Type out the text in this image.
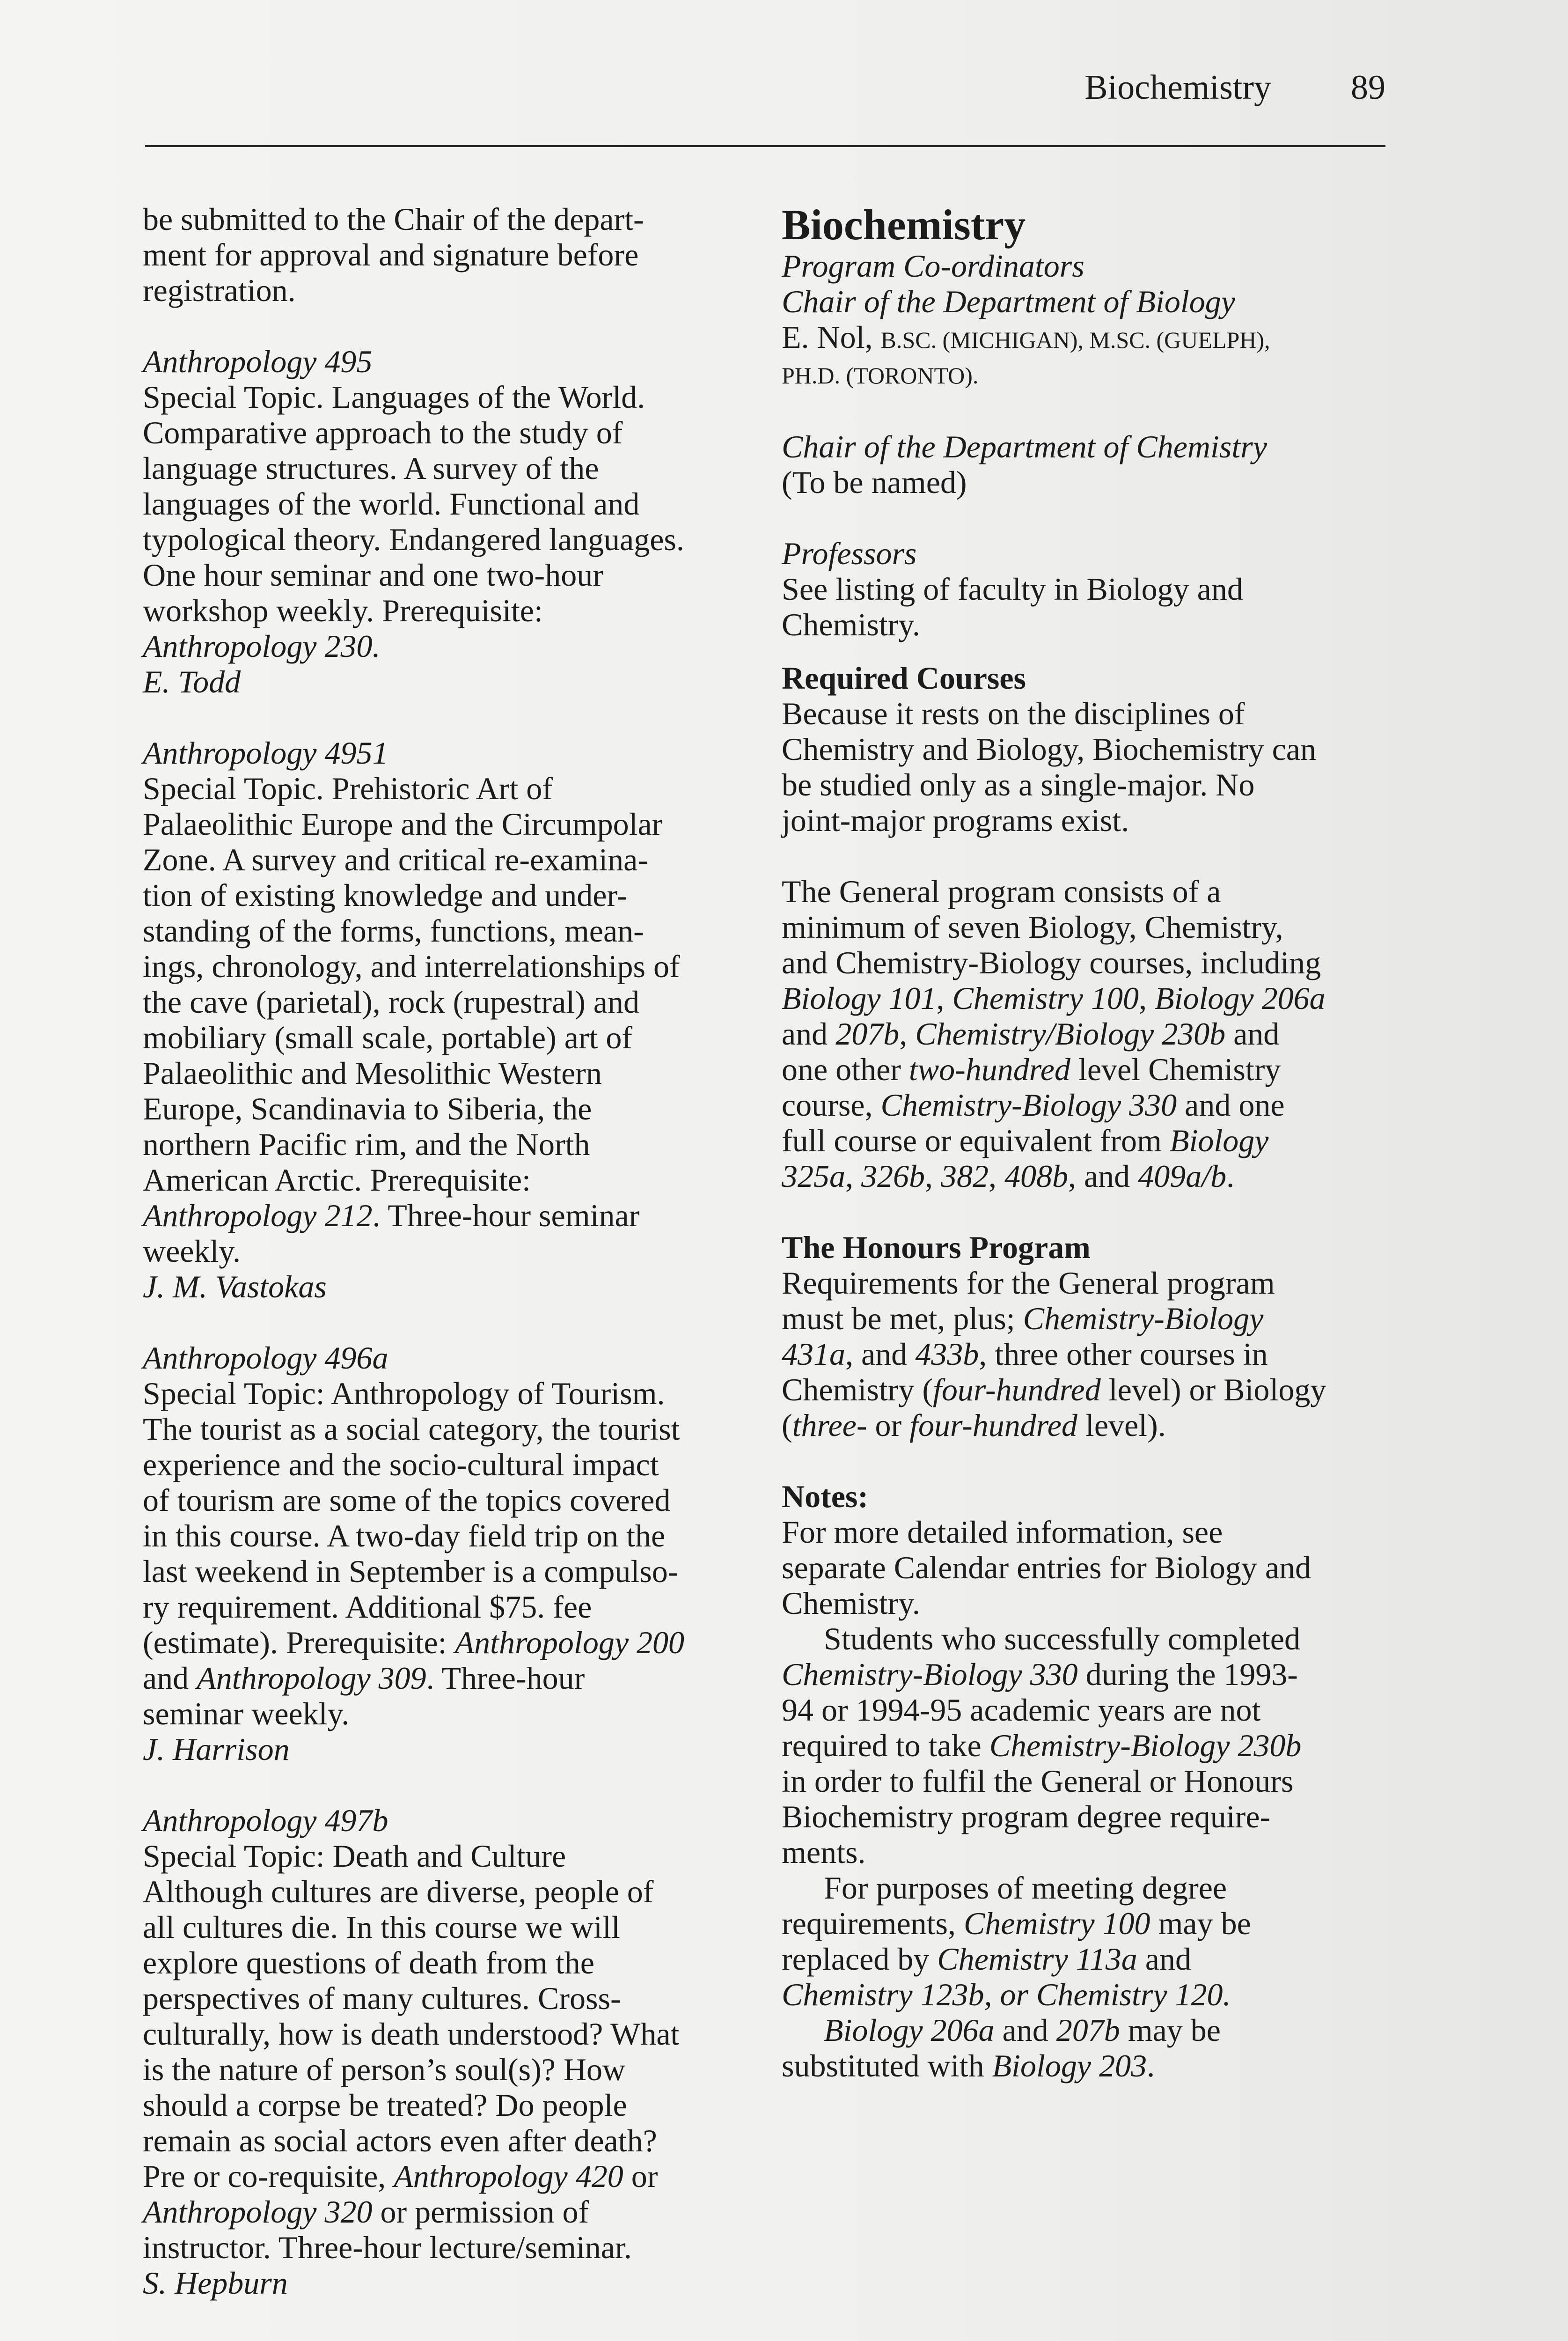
Biochemistry 89

be submitted to the Chair of the depart-

ment for approval and signature before

registration.

Anthropology 495

Special Topic. Languages of the World.

Comparative approach to the study of

language structures. A survey of the

languages of the world. Functional and

typological theory. Endangered languages.

One hour seminar and one two-hour

workshop weekly. Prerequisite:

Anthropology 230.

E. Todd

Anthropology 4951

Special Topic. Prehistoric Art of

Palaeolithic Europe and the Circumpolar

Zone. A survey and critical re-examina-

tion of existing knowledge and under-

standing of the forms, functions, mean-

ings, chronology, and interrelationships of

the cave (parietal), rock (rupestral) and

mobiliary (small scale, portable) art of

Palaeolithic and Mesolithic Western

Europe, Scandinavia to Siberia, the

northern Pacific rim, and the North

American Arctic. Prerequisite:

Anthropology 212. Three-hour seminar

weekly.

J. M. Vastokas

Anthropology 496a

Special Topic: Anthropology of Tourism.

The tourist as a social category, the tourist

experience and the socio-cultural impact

of tourism are some of the topics covered

in this course. A two-day field trip on the

last weekend in September is a compulso-

ry requirement. Additional $75. fee

(estimate). Prerequisite: Anthropology 200

and Anthropology 309. Three-hour

seminar weekly.

J. Harrison

Anthropology 497b

Special Topic: Death and Culture

Although cultures are diverse, people of

all cultures die. In this course we will

explore questions of death from the

perspectives of many cultures. Cross-

culturally, how is death understood? What

is the nature of person’s soul(s)? How

should a corpse be treated? Do people

remain as social actors even after death?

Pre or co-requisite, Anthropology 420 or

Anthropology 320 or permission of

instructor. Three-hour lecture/seminar.

S. Hepburn

Biochemistry

Program Co-ordinators

Chair of the Department of Biology

E. Nol, B.SC. (MICHIGAN), M.SC. (GUELPH),

PH.D. (TORONTO).

Chair of the Department of Chemistry

(To be named)

Professors

See listing of faculty in Biology and

Chemistry.

Required Courses

Because it rests on the disciplines of

Chemistry and Biology, Biochemistry can

be studied only as a single-major. No

joint-major programs exist.

The General program consists of a

minimum of seven Biology, Chemistry,

and Chemistry-Biology courses, including

Biology 101, Chemistry 100, Biology 206a

and 207b, Chemistry/Biology 230b and

one other two-hundred level Chemistry

course, Chemistry-Biology 330 and one

full course or equivalent from Biology

325a, 326b, 382, 408b, and 409a/b.

The Honours Program

Requirements for the General program

must be met, plus; Chemistry-Biology

431a, and 433b, three other courses in

Chemistry (four-hundred level) or Biology

(three- or four-hundred level).

Notes:

For more detailed information, see

separate Calendar entries for Biology and

Chemistry.

Students who successfully completed

Chemistry-Biology 330 during the 1993-

94 or 1994-95 academic years are not

required to take Chemistry-Biology 230b

in order to fulfil the General or Honours

Biochemistry program degree require-

ments.

For purposes of meeting degree

requirements, Chemistry 100 may be

replaced by Chemistry 113a and

Chemistry 123b, or Chemistry 120.

Biology 206a and 207b may be

substituted with Biology 203.
